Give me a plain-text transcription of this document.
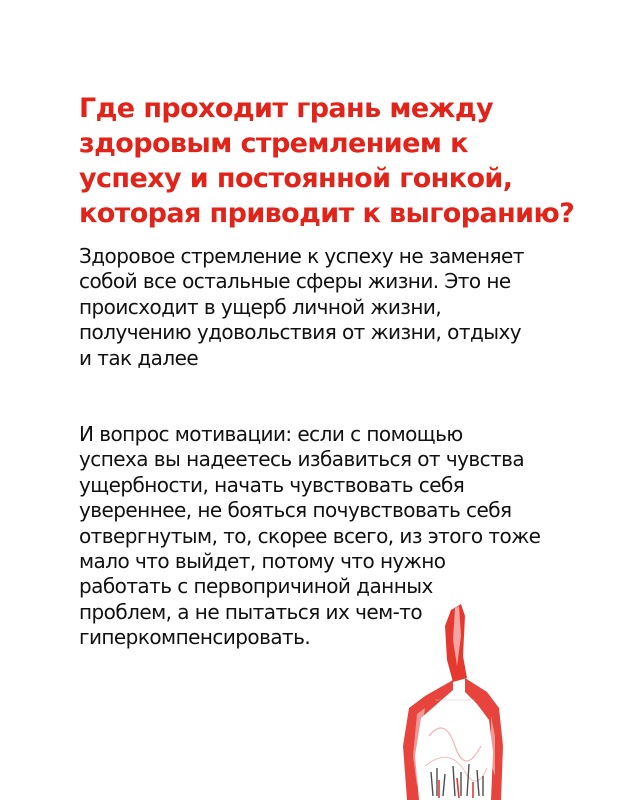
Где проходит грань между
здоровым стремлением к
успеху и постоянной гонкой,
которая приводит к выгоранию?

Здоровое стремление к успеху не заменяет
собой все остальные сферы жизни. Это не
происходит в ущерб личной жизни,
получению удовольствия от жизни, отдыху
и так далее

И вопрос мотивации: если с помощью
успеха вы надеетесь избавиться от чувства
ущербности, начать чувствовать себя
увереннее, не бояться почувствовать себя
отвергнутым, то, скорее всего, из этого тоже
мало что выйдет, потому что нужно
работать с первопричиной данных
проблем, а не пытаться их чем-то
гиперкомпенсировать.
